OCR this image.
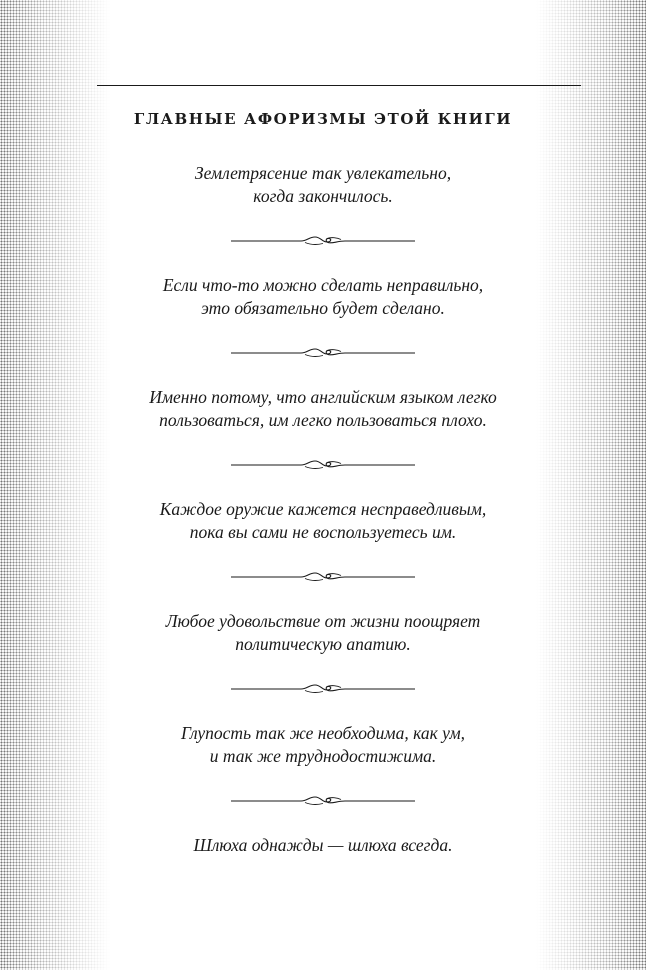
ГЛАВНЫЕ АФОРИЗМЫ ЭТОЙ КНИГИ
Землетрясение так увлекательно,
когда закончилось.
Если что-то можно сделать неправильно,
это обязательно будет сделано.
Именно потому, что английским языком легко
пользоваться, им легко пользоваться плохо.
Каждое оружие кажется несправедливым,
пока вы сами не воспользуетесь им.
Любое удовольствие от жизни поощряет
политическую апатию.
Глупость так же необходима, как ум,
и так же труднодостижима.
Шлюха однажды — шлюха всегда.
